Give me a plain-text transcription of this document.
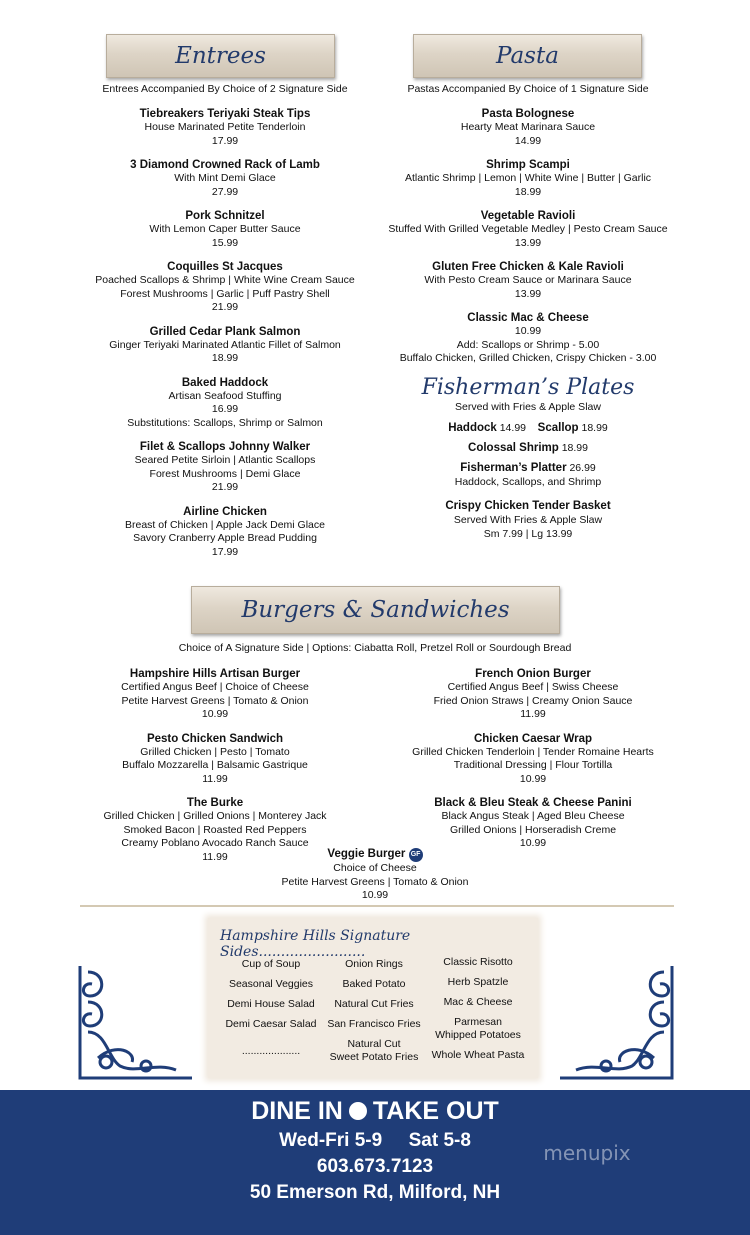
Entrees
Entrees Accompanied By Choice of 2 Signature Side
Tiebreakers Teriyaki Steak Tips
House Marinated Petite Tenderloin
17.99
3 Diamond Crowned Rack of Lamb
With Mint Demi Glace
27.99
Pork Schnitzel
With Lemon Caper Butter Sauce
15.99
Coquilles St Jacques
Poached Scallops & Shrimp | White Wine Cream Sauce
Forest Mushrooms | Garlic | Puff Pastry Shell
21.99
Grilled Cedar Plank Salmon
Ginger Teriyaki Marinated Atlantic Fillet of Salmon
18.99
Baked Haddock
Artisan Seafood Stuffing
16.99
Substitutions: Scallops, Shrimp or Salmon
Filet & Scallops Johnny Walker
Seared Petite Sirloin | Atlantic Scallops
Forest Mushrooms | Demi Glace
21.99
Airline Chicken
Breast of Chicken | Apple Jack Demi Glace
Savory Cranberry Apple Bread Pudding
17.99
Pasta
Pastas Accompanied By Choice of 1 Signature Side
Pasta Bolognese
Hearty Meat Marinara Sauce
14.99
Shrimp Scampi
Atlantic Shrimp | Lemon | White Wine | Butter | Garlic
18.99
Vegetable Ravioli
Stuffed With Grilled Vegetable Medley | Pesto Cream Sauce
13.99
Gluten Free Chicken & Kale Ravioli
With Pesto Cream Sauce or Marinara Sauce
13.99
Classic Mac & Cheese
10.99
Add: Scallops or Shrimp - 5.00
Buffalo Chicken, Grilled Chicken, Crispy Chicken - 3.00
Fisherman’s Plates
Served with Fries & Apple Slaw
Haddock 14.99 Scallop 18.99
Colossal Shrimp 18.99
Fisherman’s Platter 26.99
Haddock, Scallops, and Shrimp
Crispy Chicken Tender Basket
Served With Fries & Apple Slaw
Sm 7.99 | Lg 13.99
Burgers & Sandwiches
Choice of A Signature Side | Options: Ciabatta Roll, Pretzel Roll or Sourdough Bread
Hampshire Hills Artisan Burger
Certified Angus Beef | Choice of Cheese
Petite Harvest Greens | Tomato & Onion
10.99
Pesto Chicken Sandwich
Grilled Chicken | Pesto | Tomato
Buffalo Mozzarella | Balsamic Gastrique
11.99
The Burke
Grilled Chicken | Grilled Onions | Monterey Jack
Smoked Bacon | Roasted Red Peppers
Creamy Poblano Avocado Ranch Sauce
11.99
French Onion Burger
Certified Angus Beef | Swiss Cheese
Fried Onion Straws | Creamy Onion Sauce
11.99
Chicken Caesar Wrap
Grilled Chicken Tenderloin | Tender Romaine Hearts
Traditional Dressing | Flour Tortilla
10.99
Black & Bleu Steak & Cheese Panini
Black Angus Steak | Aged Bleu Cheese
Grilled Onions | Horseradish Creme
10.99
Veggie Burger GF
Choice of Cheese
Petite Harvest Greens | Tomato & Onion
10.99
Hampshire Hills Signature Sides........................
Cup of Soup
Seasonal Veggies
Demi House Salad
Demi Caesar Salad
....................
Onion Rings
Baked Potato
Natural Cut Fries
San Francisco Fries
Natural Cut
Sweet Potato Fries
Classic Risotto
Herb Spatzle
Mac & Cheese
Parmesan
Whipped Potatoes
Whole Wheat Pasta
DINE IN TAKE OUT
Wed-Fri 5-9 Sat 5-8
603.673.7123
50 Emerson Rd, Milford, NH
menupix
